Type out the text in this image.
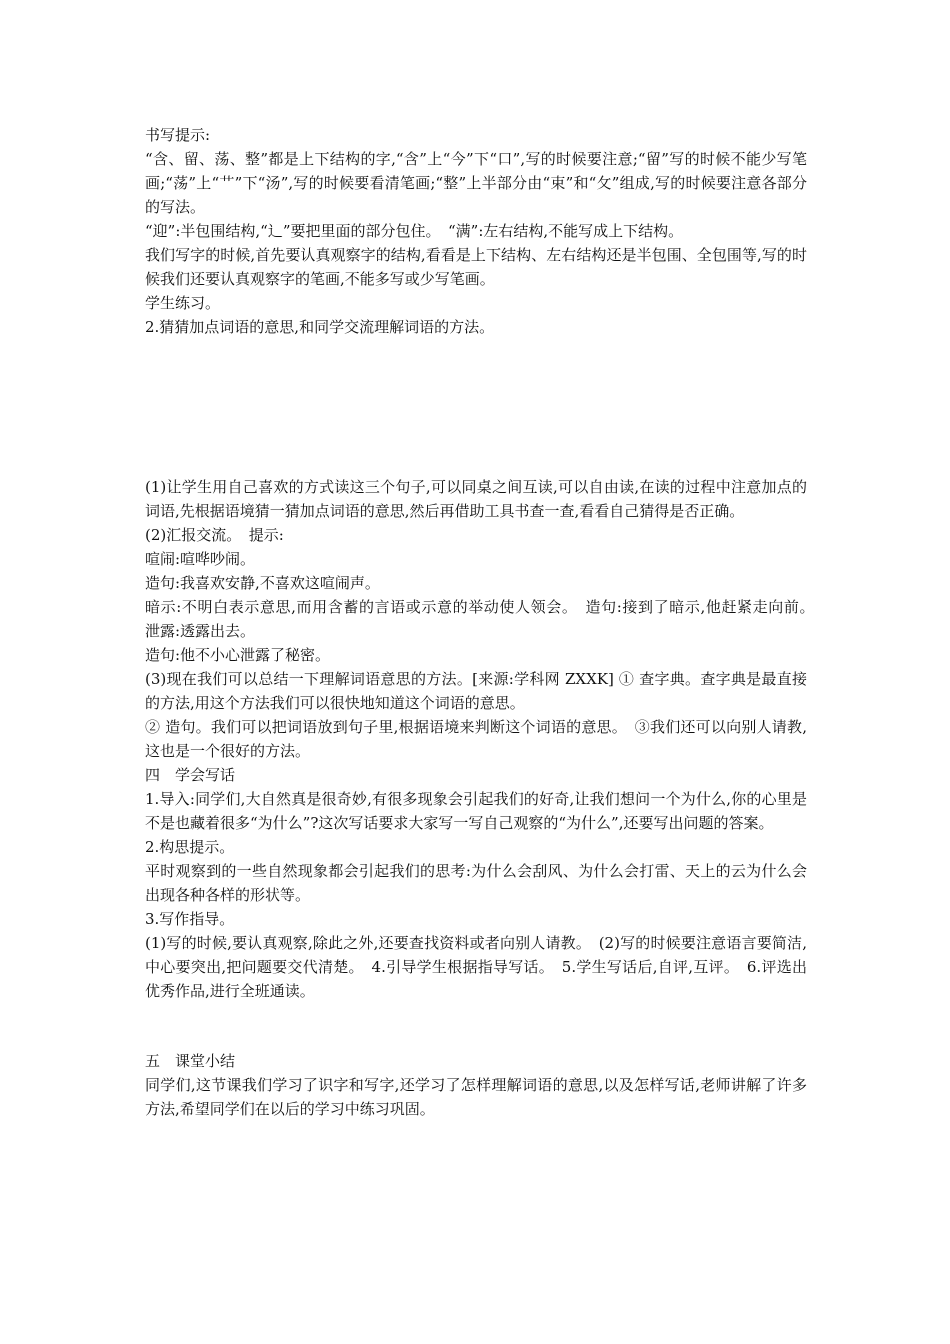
书写提示:

“含、留、荡、整”都是上下结构的字,“含”上“今”下“口”,写的时候要注意;“留”写的时候不能少写笔画;“荡”上“艹”下“汤”,写的时候要看清笔画;“整”上半部分由“束”和“攵”组成,写的时候要注意各部分的写法。

“迎”:半包围结构,“辶”要把里面的部分包住。　“满”:左右结构,不能写成上下结构。

我们写字的时候,首先要认真观察字的结构,看看是上下结构、左右结构还是半包围、全包围等,写的时候我们还要认真观察字的笔画,不能多写或少写笔画。

学生练习。

2.猜猜加点词语的意思,和同学交流理解词语的方法。

(1)让学生用自己喜欢的方式读这三个句子,可以同桌之间互读,可以自由读,在读的过程中注意加点的词语,先根据语境猜一猜加点词语的意思,然后再借助工具书查一查,看看自己猜得是否正确。

(2)汇报交流。　提示:

喧闹:喧哗吵闹。

造句:我喜欢安静,不喜欢这喧闹声。

暗示:不明白表示意思,而用含蓄的言语或示意的举动使人领会。　造句:接到了暗示,他赶紧走向前。　泄露:透露出去。

造句:他不小心泄露了秘密。

(3)现在我们可以总结一下理解词语意思的方法。[来源:学科网 ZXXK] ① 查字典。查字典是最直接的方法,用这个方法我们可以很快地知道这个词语的意思。

② 造句。我们可以把词语放到句子里,根据语境来判断这个词语的意思。　③我们还可以向别人请教,这也是一个很好的方法。

四　学会写话

1.导入:同学们,大自然真是很奇妙,有很多现象会引起我们的好奇,让我们想问一个为什么,你的心里是不是也藏着很多“为什么”?这次写话要求大家写一写自己观察的“为什么”,还要写出问题的答案。

2.构思提示。

平时观察到的一些自然现象都会引起我们的思考:为什么会刮风、为什么会打雷、天上的云为什么会出现各种各样的形状等。

3.写作指导。

(1)写的时候,要认真观察,除此之外,还要查找资料或者向别人请教。　(2)写的时候要注意语言要简洁,中心要突出,把问题要交代清楚。　4.引导学生根据指导写话。　5.学生写话后,自评,互评。　6.评选出优秀作品,进行全班通读。

五　课堂小结

同学们,这节课我们学习了识字和写字,还学习了怎样理解词语的意思,以及怎样写话,老师讲解了许多方法,希望同学们在以后的学习中练习巩固。
